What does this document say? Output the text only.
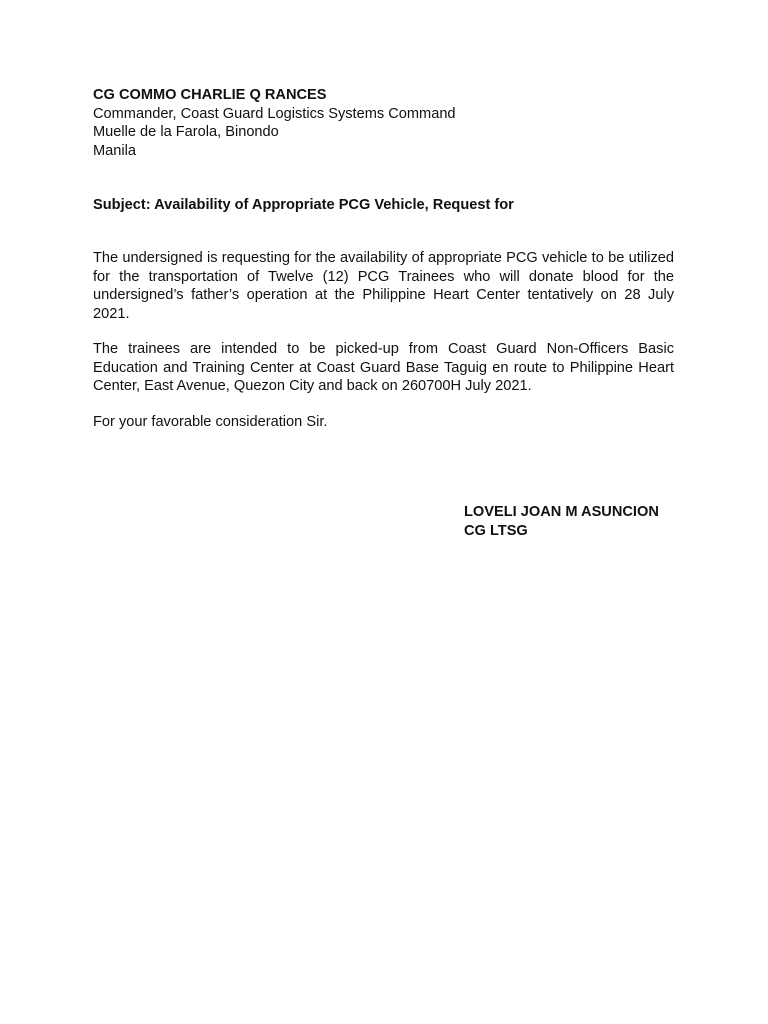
CG COMMO CHARLIE Q RANCES
Commander, Coast Guard Logistics Systems Command
Muelle de la Farola, Binondo
Manila
Subject: Availability of Appropriate PCG Vehicle, Request for
The undersigned is requesting for the availability of appropriate PCG vehicle to be utilized for the transportation of Twelve (12) PCG Trainees who will donate blood for the undersigned’s father’s operation at the Philippine Heart Center tentatively on 28 July 2021.
The trainees are intended to be picked-up from Coast Guard Non-Officers Basic Education and Training Center at Coast Guard Base Taguig en route to Philippine Heart Center, East Avenue, Quezon City and back on 260700H July 2021.
For your favorable consideration Sir.
LOVELI JOAN M ASUNCION
CG LTSG
